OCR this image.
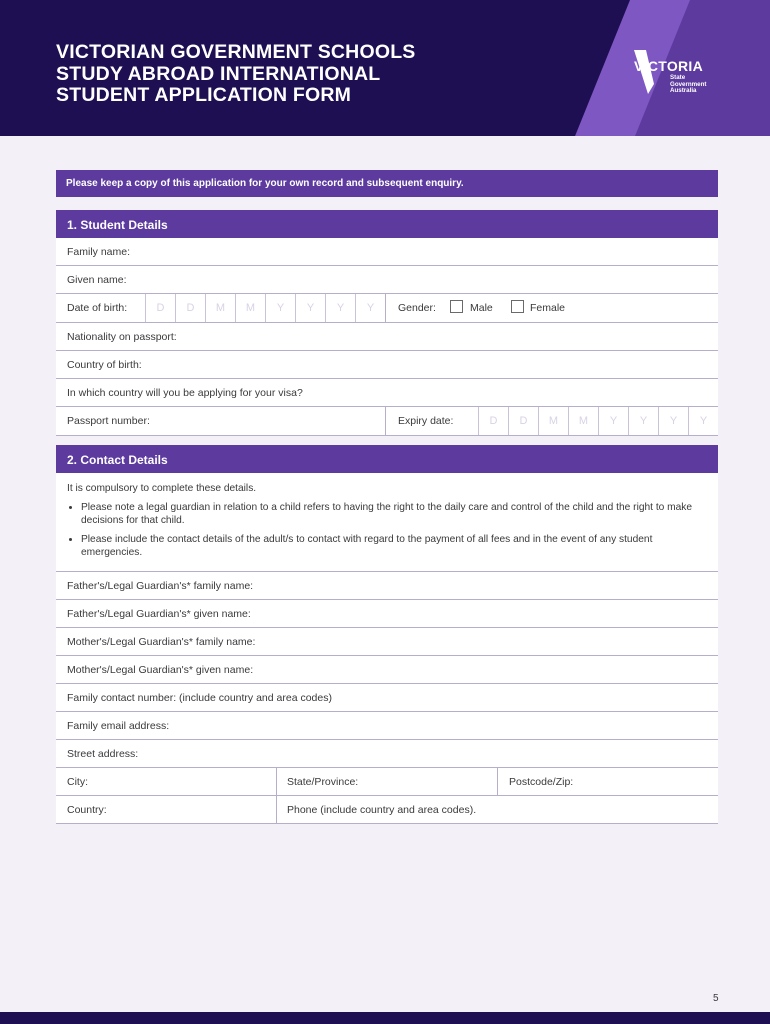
VICTORIAN GOVERNMENT SCHOOLS
STUDY ABROAD INTERNATIONAL
STUDENT APPLICATION FORM
VICTORIA
State
Government
Australia
Please keep a copy of this application for your own record and subsequent enquiry.
1. Student Details
Family name:
Given name:
Date of birth:	D	D	M	M	Y	Y	Y	Y	Gender:	Male	Female
Nationality on passport:
Country of birth:
In which country will you be applying for your visa?
Passport number:	Expiry date:	D	D	M	M	Y	Y	Y	Y
2. Contact Details

It is compulsory to complete these details.

• Please note a legal guardian in relation to a child refers to having the right to the daily care and control of the child and the right to make decisions for that child.
• Please include the contact details of the adult/s to contact with regard to the payment of all fees and in the event of any student emergencies.
Father's/Legal Guardian's* family name:
Father's/Legal Guardian's* given name:
Mother's/Legal Guardian's* family name:
Mother's/Legal Guardian's* given name:
Family contact number: (include country and area codes)
Family email address:
Street address:
City:	State/Province:	Postcode/Zip:
Country:	Phone (include country and area codes).
5
